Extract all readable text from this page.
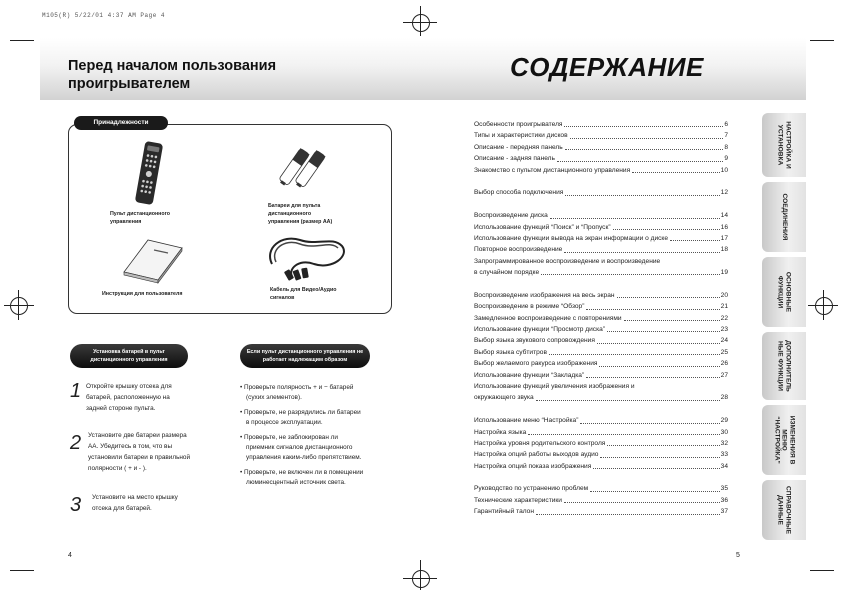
M105(R) 5/22/01 4:37 AM Page 4
Перед началом пользования
проигрывателем
СОДЕРЖАНИЕ
Принадлежности
Пульт дистанционного
управления
Батареи для пульта
дистанционного
управления (размер АА)
Инструкция для пользователя
Кабель для Видео/Аудио
сигналов
Установка батарей в пульт
дистанционного управления
Если пульт дистанционного управления не
работает надлежащим образом
1 Откройте крышку отсека для
батарей, расположенную на
задней стороне пульта.
2 Установите две батареи размера
AA. Убедитесь в том, что вы
установили батареи в правильной
полярности ( + и - ).
3 Установите на место крышку
отсека для батарей.
• Проверьте полярность + и − батарей
(сухих элементов).
• Проверьте, не разрядились ли батареи
в процессе эксплуатации.
• Проверьте, не заблокирован ли
приемник сигналов дистанционного
управления каким-либо препятствием.
• Проверьте, не включен ли в помещении
люминесцентный источник света.
4	5
Особенности проигрывателя	6
Типы и характеристики дисков	7
Описание - передняя панель	8
Описание - задняя панель	9
Знакомство с пультом дистанционного управления	10
Выбор способа подключения	12
Воспроизведение диска	14
Использование функций “Поиск” и “Пропуск”	16
Использование функции вывода на экран информации о диске	17
Повторное воспроизведение	18
Запрограммированное воспроизведение и воспроизведение
в случайном порядке	19
Воспроизведение изображения на весь экран	20
Воспроизведение в режиме “Обзор”	21
Замедленное воспроизведение с повторениями	22
Использование функции “Просмотр диска”	23
Выбор языка звукового сопровождения	24
Выбор языка субтитров	25
Выбор желаемого ракурса изображения	26
Использование функции “Закладка”	27
Использование функций увеличения изображения и
окружающего звука	28
Использование меню “Настройка”	29
Настройка языка	30
Настройка уровня родительского контроля	32
Настройка опций работы выходов аудио	33
Настройка опций показа изображения	34
Руководство по устранению проблем	35
Технические характеристики	36
Гарантийный талон	37
НАСТРОЙКА И
УСТАНОВКА
СОЕДИНЕНИЯ
ОСНОВНЫЕ
ФУНКЦИИ
ДОПОЛНИТЕЛЬ
НЫЕ ФУНКЦИИ
ИЗМЕНЕНИЯ В
МЕНЮ
“НАСТРОЙКА”
СПРАВОЧНЫЕ
ДАННЫЕ
